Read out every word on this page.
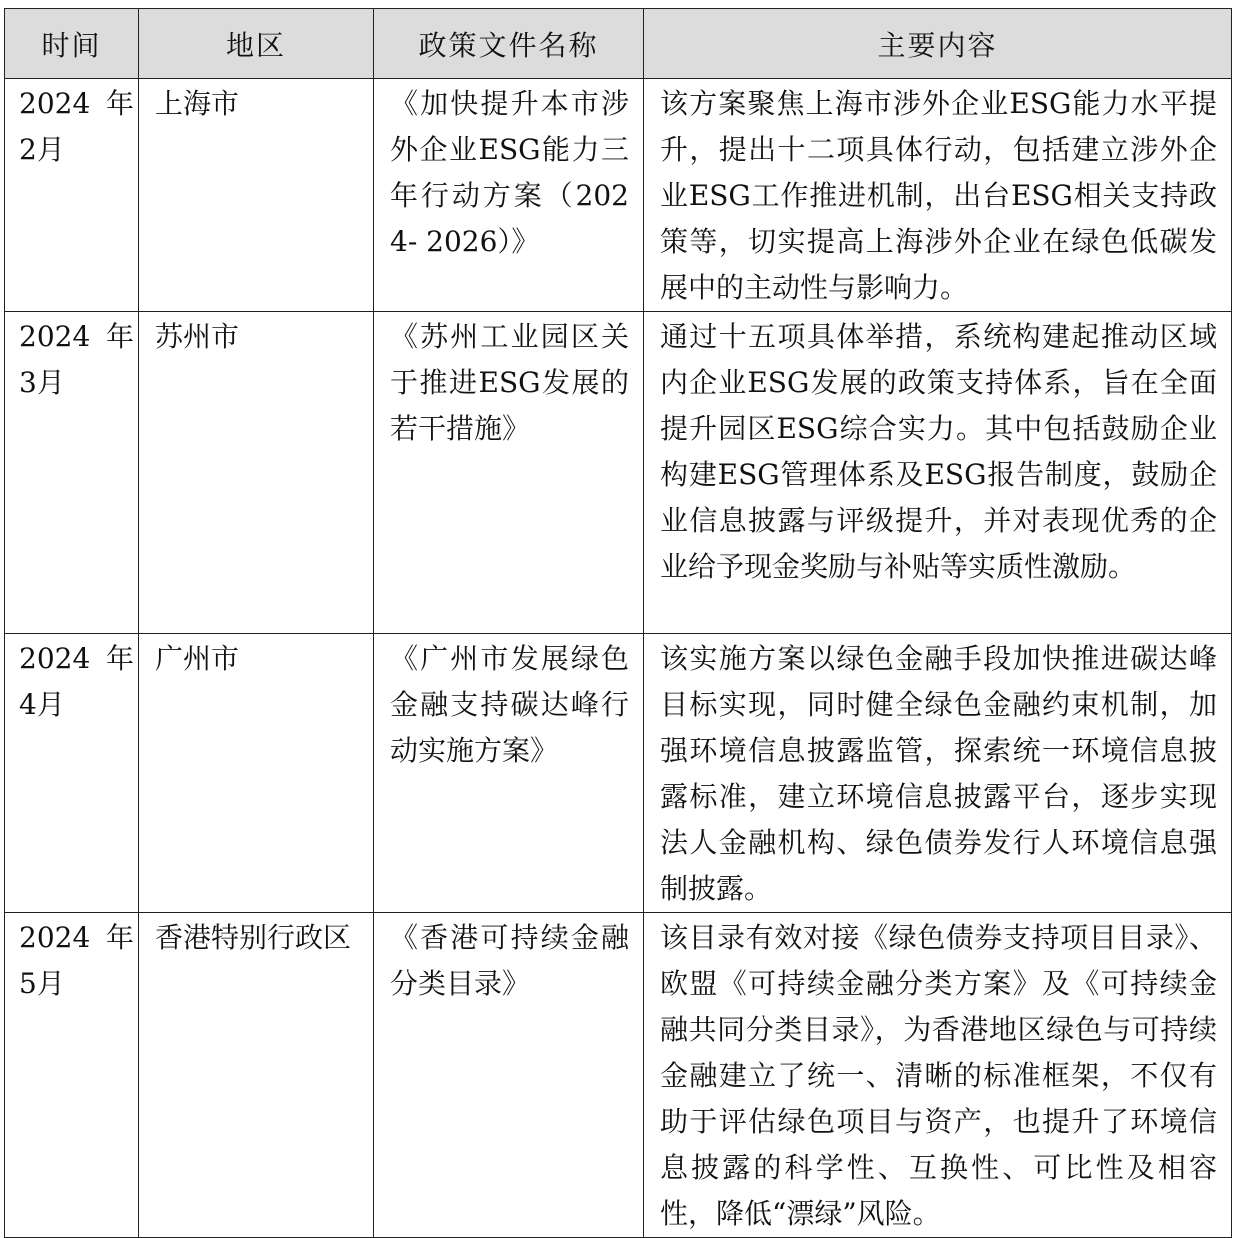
时间	地区	政策文件名称	主要内容
2024年2月	上海市	《加快提升本市涉外企业ESG能力三年行动方案（2024- 2026）》	该方案聚焦上海市涉外企业ESG能力水平提升，提出十二项具体行动，包括建立涉外企业ESG工作推进机制，出台ESG相关支持政策等，切实提高上海涉外企业在绿色低碳发展中的主动性与影响力。
2024年3月	苏州市	《苏州工业园区关于推进ESG发展的若干措施》	通过十五项具体举措，系统构建起推动区域内企业ESG发展的政策支持体系，旨在全面提升园区ESG综合实力。其中包括鼓励企业构建ESG管理体系及ESG报告制度，鼓励企业信息披露与评级提升，并对表现优秀的企业给予现金奖励与补贴等实质性激励。
2024年4月	广州市	《广州市发展绿色金融支持碳达峰行动实施方案》	该实施方案以绿色金融手段加快推进碳达峰目标实现，同时健全绿色金融约束机制，加强环境信息披露监管，探索统一环境信息披露标准，建立环境信息披露平台，逐步实现法人金融机构、绿色债券发行人环境信息强制披露。
2024年5月	香港特别行政区	《香港可持续金融分类目录》	该目录有效对接《绿色债券支持项目目录》、欧盟《可持续金融分类方案》及《可持续金融共同分类目录》，为香港地区绿色与可持续金融建立了统一、清晰的标准框架，不仅有助于评估绿色项目与资产，也提升了环境信息披露的科学性、互换性、可比性及相容性，降低“漂绿”风险。
